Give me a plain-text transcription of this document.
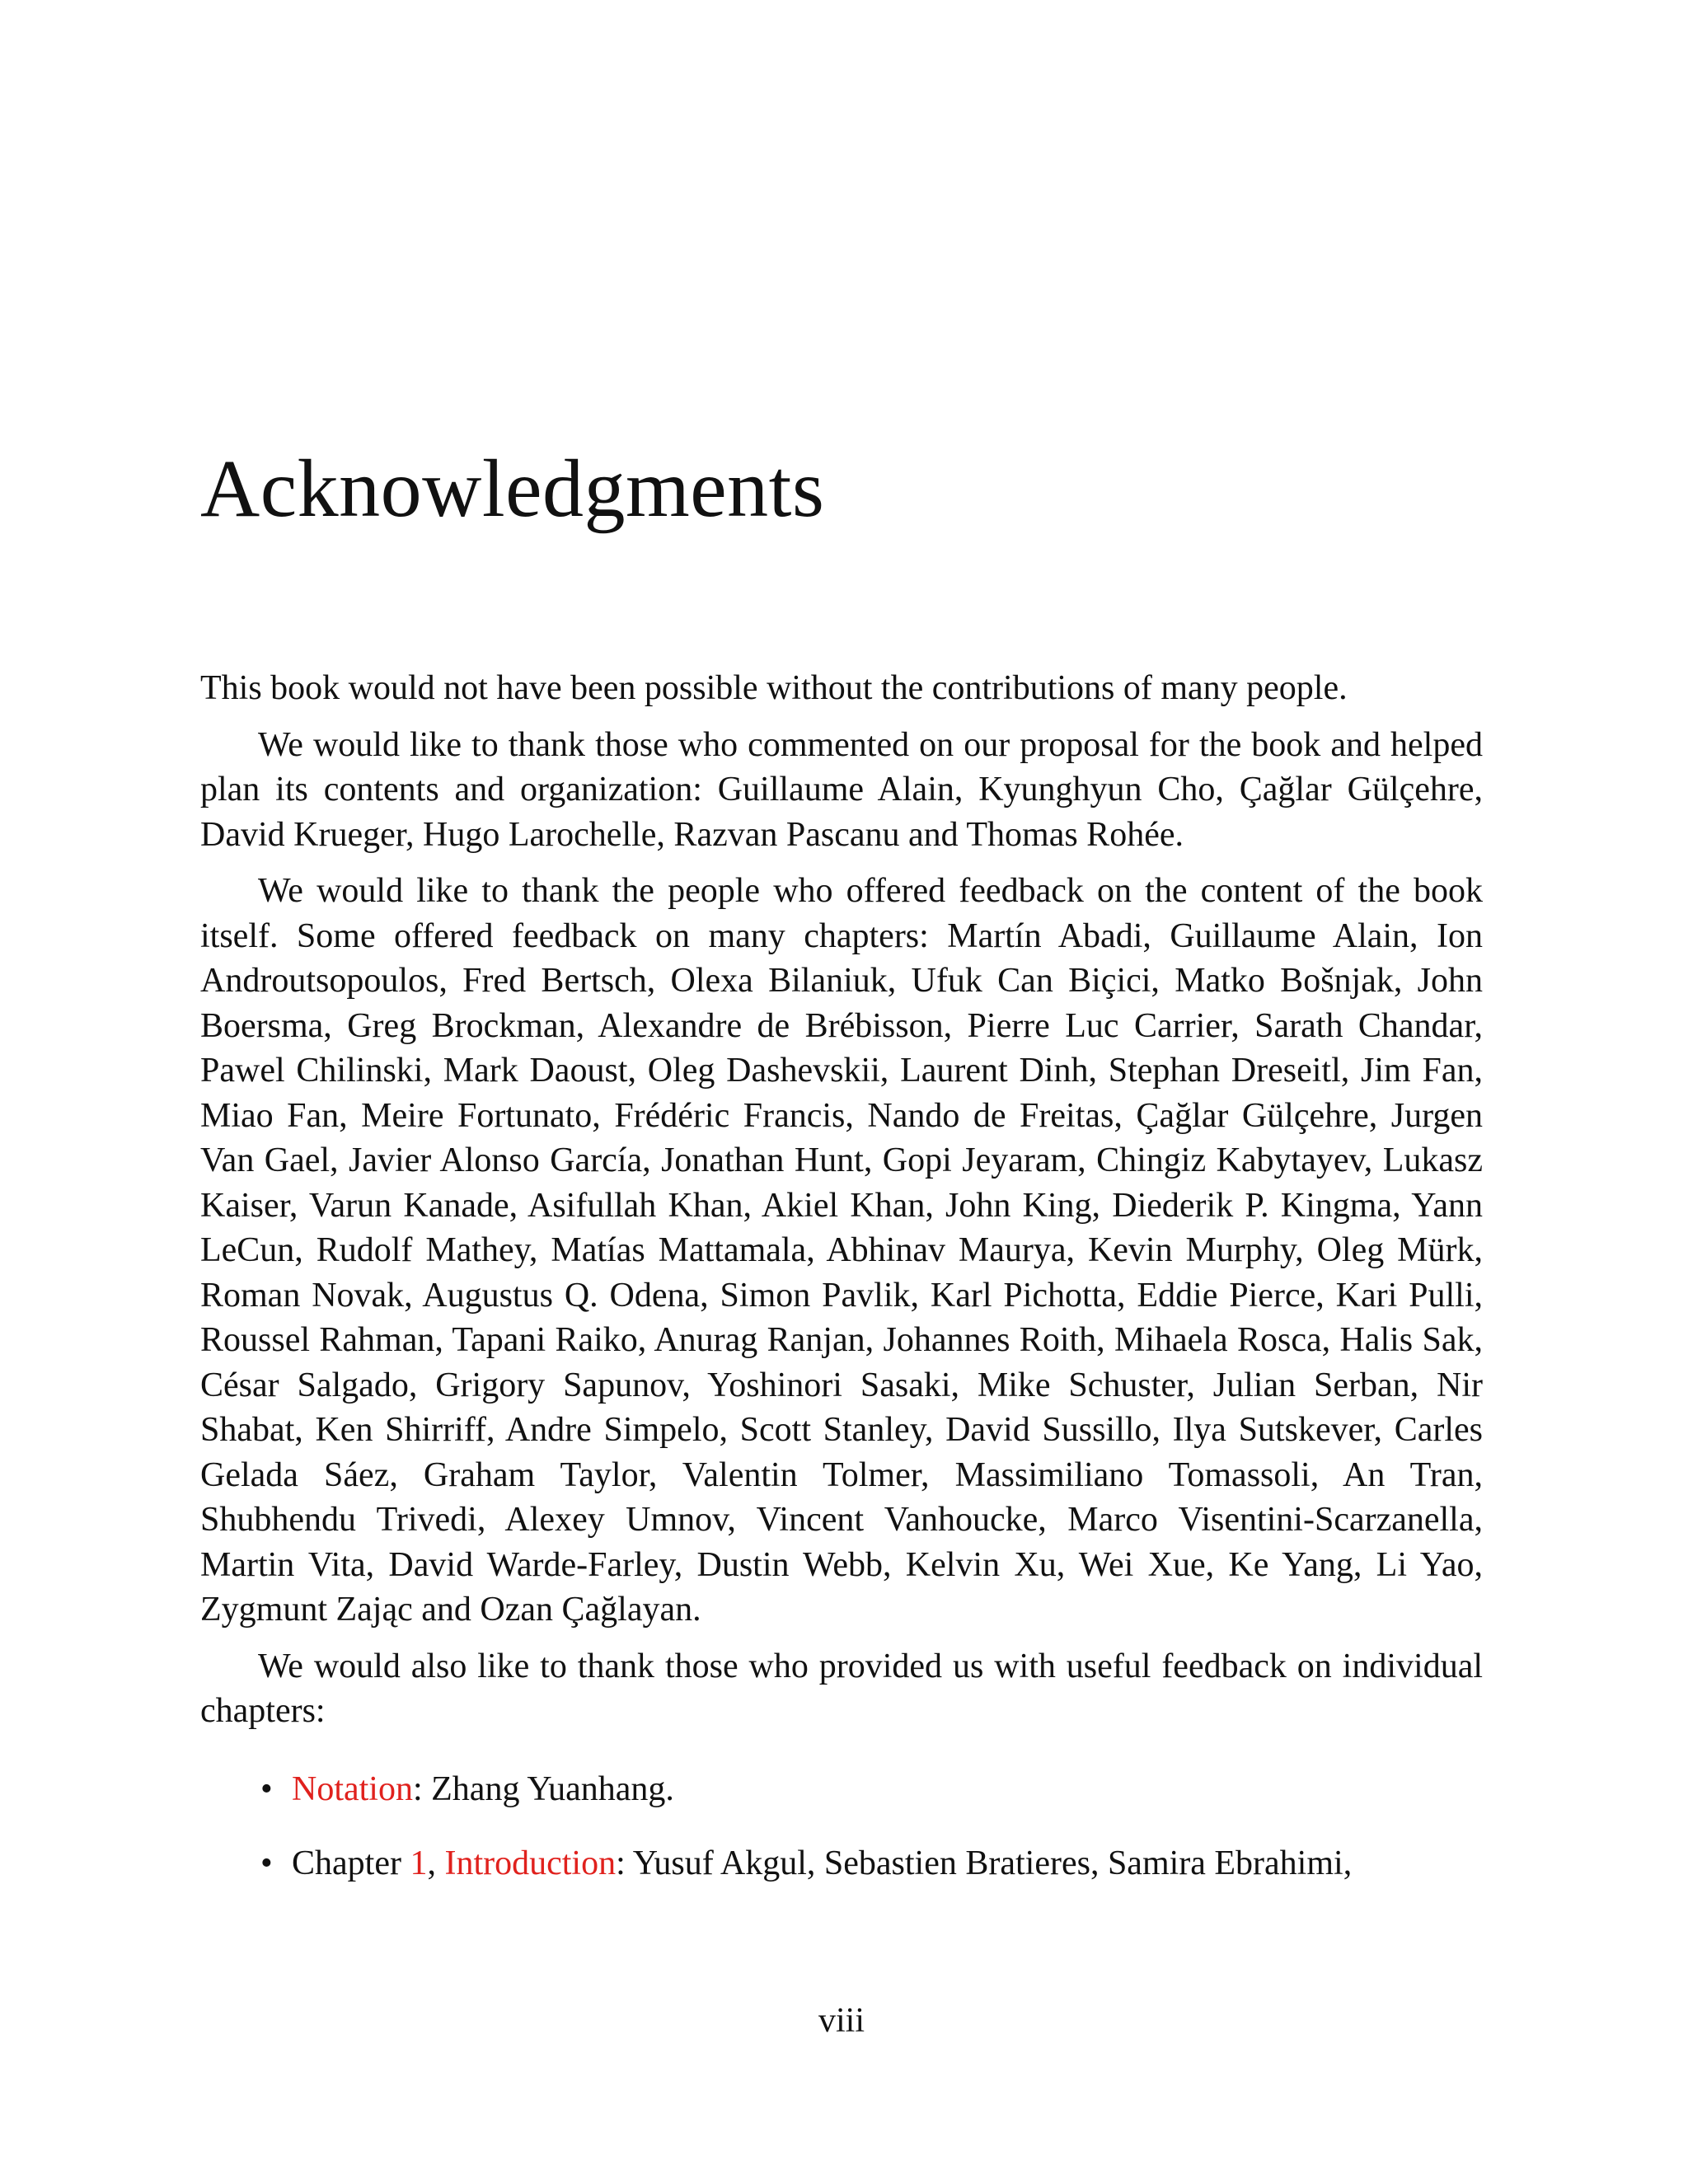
Acknowledgments

This book would not have been possible without the contributions of many people.

We would like to thank those who commented on our proposal for the book and helped plan its contents and organization: Guillaume Alain, Kyunghyun Cho, Çağlar Gülçehre, David Krueger, Hugo Larochelle, Razvan Pascanu and Thomas Rohée.

We would like to thank the people who offered feedback on the content of the book itself. Some offered feedback on many chapters: Martín Abadi, Guillaume Alain, Ion Androutsopoulos, Fred Bertsch, Olexa Bilaniuk, Ufuk Can Biçici, Matko Bošnjak, John Boersma, Greg Brockman, Alexandre de Brébisson, Pierre Luc Carrier, Sarath Chandar, Pawel Chilinski, Mark Daoust, Oleg Dashevskii, Laurent Dinh, Stephan Dreseitl, Jim Fan, Miao Fan, Meire Fortunato, Frédéric Francis, Nando de Freitas, Çağlar Gülçehre, Jurgen Van Gael, Javier Alonso García, Jonathan Hunt, Gopi Jeyaram, Chingiz Kabytayev, Lukasz Kaiser, Varun Kanade, Asifullah Khan, Akiel Khan, John King, Diederik P. Kingma, Yann LeCun, Rudolf Mathey, Matías Mattamala, Abhinav Maurya, Kevin Murphy, Oleg Mürk, Roman Novak, Augustus Q. Odena, Simon Pavlik, Karl Pichotta, Eddie Pierce, Kari Pulli, Roussel Rahman, Tapani Raiko, Anurag Ranjan, Johannes Roith, Mihaela Rosca, Halis Sak, César Salgado, Grigory Sapunov, Yoshinori Sasaki, Mike Schuster, Julian Serban, Nir Shabat, Ken Shirriff, Andre Simpelo, Scott Stanley, David Sussillo, Ilya Sutskever, Carles Gelada Sáez, Graham Taylor, Valentin Tolmer, Massimiliano Tomassoli, An Tran, Shubhendu Trivedi, Alexey Umnov, Vincent Vanhoucke, Marco Visentini-Scarzanella, Martin Vita, David Warde-Farley, Dustin Webb, Kelvin Xu, Wei Xue, Ke Yang, Li Yao, Zygmunt Zając and Ozan Çağlayan.

We would also like to thank those who provided us with useful feedback on individual chapters:

• Notation: Zhang Yuanhang.
• Chapter 1, Introduction: Yusuf Akgul, Sebastien Bratieres, Samira Ebrahimi,
viii
